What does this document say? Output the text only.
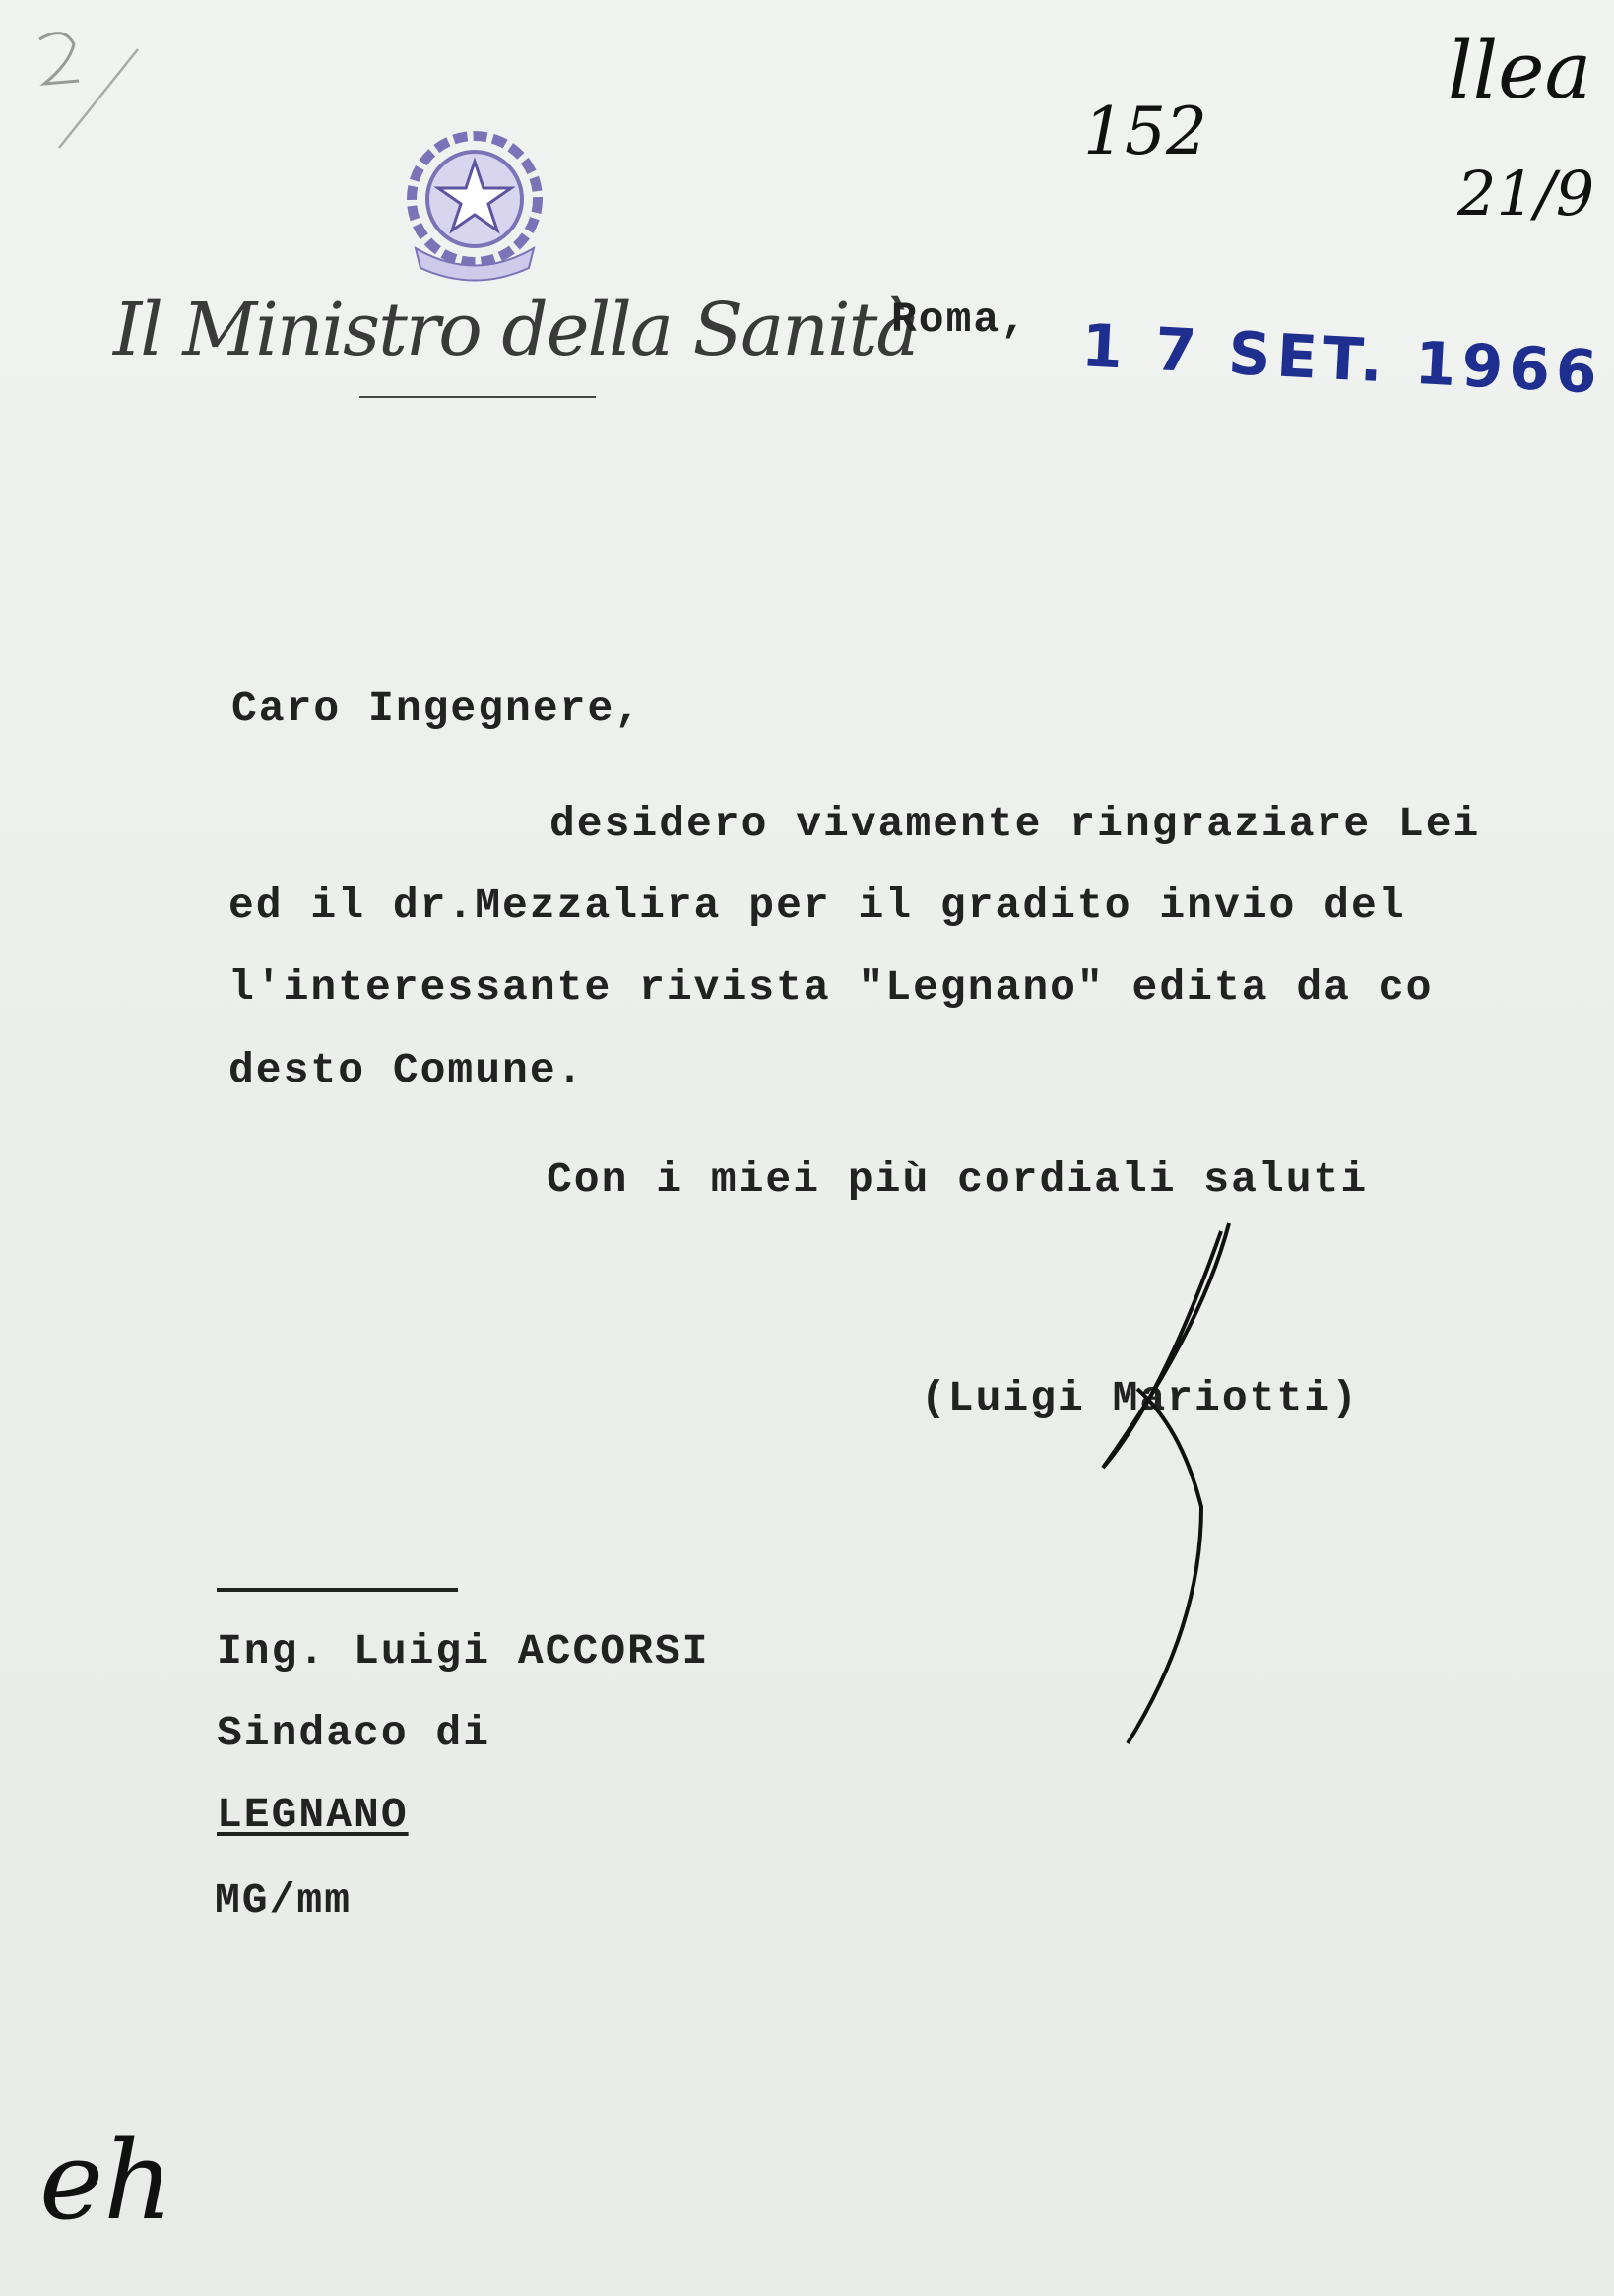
152
llea
21/9
Il Ministro della Sanità
Roma, 1 7 SET. 1966
Caro Ingegnere,
desidero vivamente ringraziare Lei
ed il dr.Mezzalira per il gradito invio del
l'interessante rivista "Legnano" edita da co
desto Comune.
Con i miei più cordiali saluti
(Luigi Mariotti)
Ing. Luigi ACCORSI
Sindaco di
LEGNANO
MG/mm
eh
